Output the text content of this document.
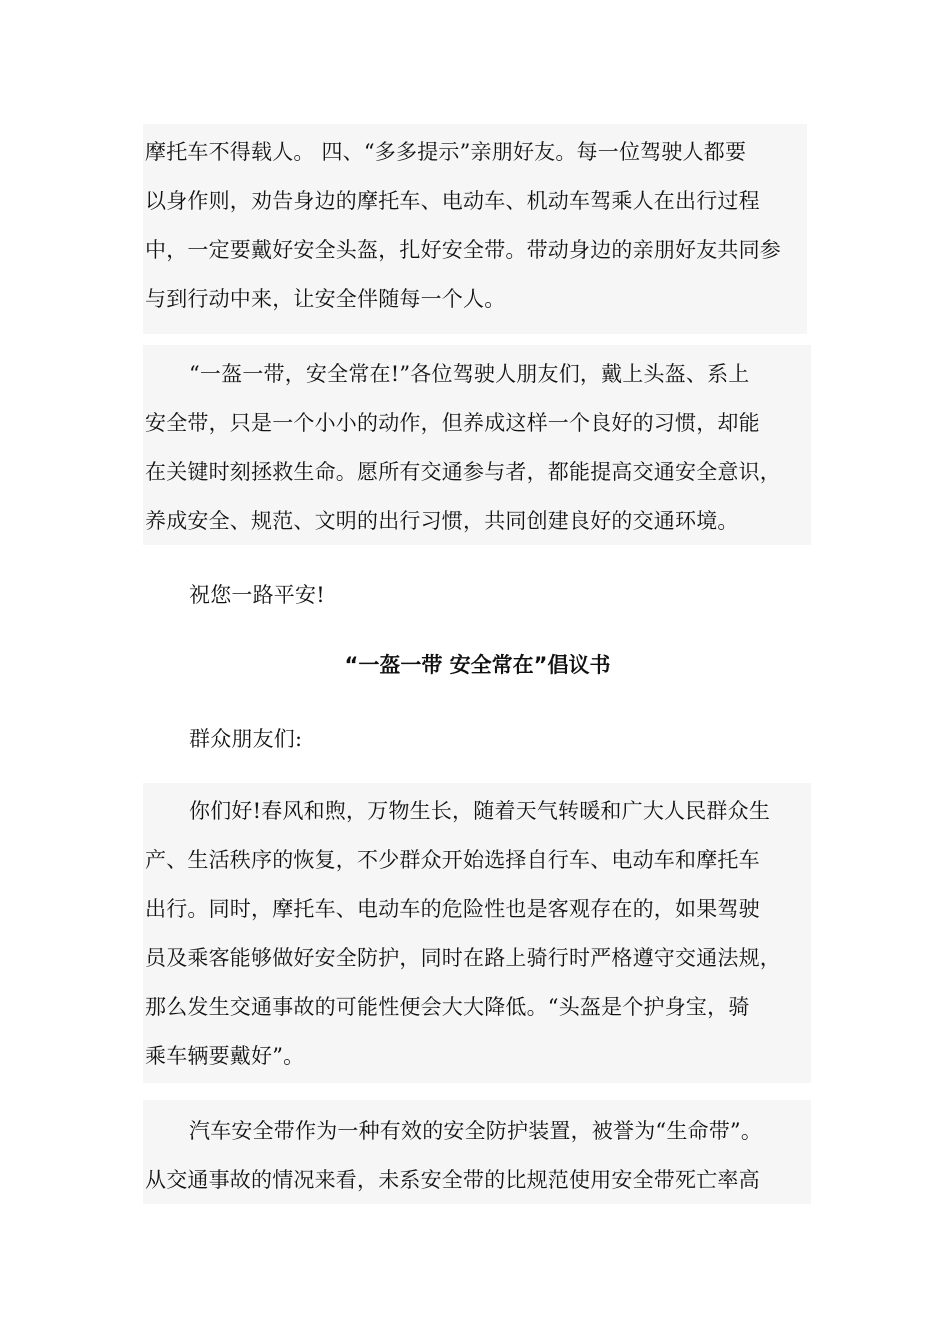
摩托车不得载人。 四、“多多提示”亲朋好友。每一位驾驶人都要
以身作则，劝告身边的摩托车、电动车、机动车驾乘人在出行过程
中，一定要戴好安全头盔，扎好安全带。带动身边的亲朋好友共同参
与到行动中来，让安全伴随每一个人。
“一盔一带，安全常在!”各位驾驶人朋友们，戴上头盔、系上
安全带，只是一个小小的动作，但养成这样一个良好的习惯，却能
在关键时刻拯救生命。愿所有交通参与者，都能提高交通安全意识，
养成安全、规范、文明的出行习惯，共同创建良好的交通环境。
祝您一路平安!
“一盔一带 安全常在”倡议书
群众朋友们:
你们好!春风和煦，万物生长，随着天气转暖和广大人民群众生
产、生活秩序的恢复，不少群众开始选择自行车、电动车和摩托车
出行。同时，摩托车、电动车的危险性也是客观存在的，如果驾驶
员及乘客能够做好安全防护，同时在路上骑行时严格遵守交通法规，
那么发生交通事故的可能性便会大大降低。“头盔是个护身宝，骑
乘车辆要戴好”。
汽车安全带作为一种有效的安全防护装置，被誉为“生命带”。
从交通事故的情况来看，未系安全带的比规范使用安全带死亡率高
